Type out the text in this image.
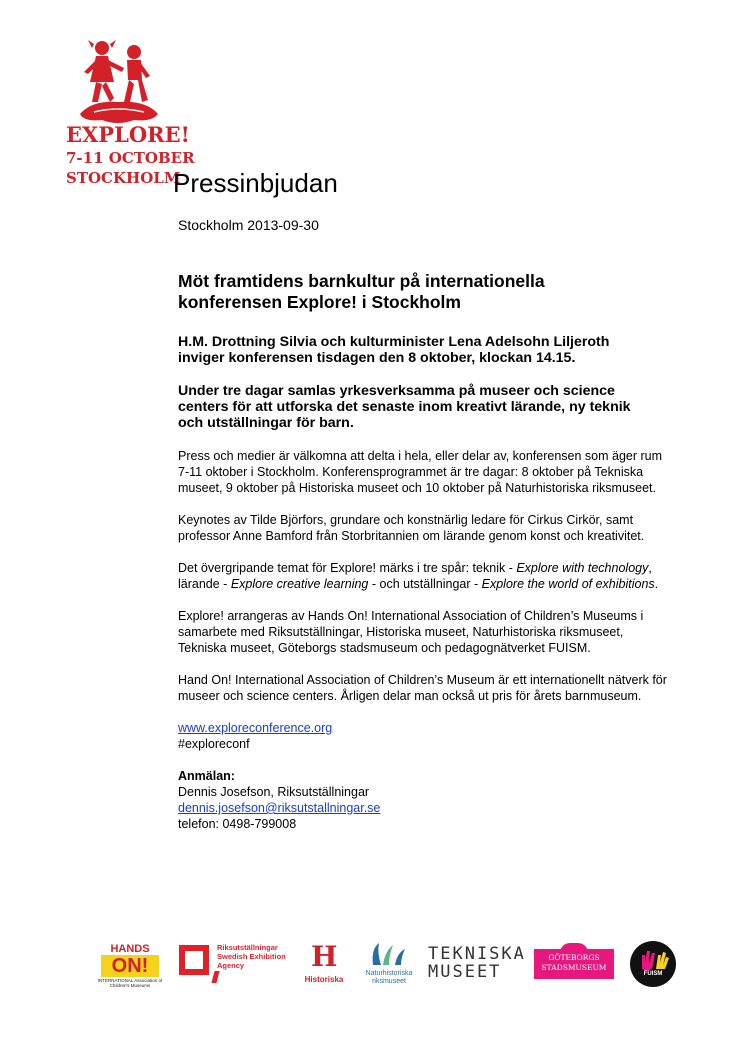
EXPLORE!
7-11 OCTOBER
STOCKHOLM
Pressinbjudan
Stockholm 2013-09-30
Möt framtidens barnkultur på internationella
konferensen Explore! i Stockholm
H.M. Drottning Silvia och kulturminister Lena Adelsohn Liljeroth
inviger konferensen tisdagen den 8 oktober, klockan 14.15.
Under tre dagar samlas yrkesverksamma på museer och science
centers för att utforska det senaste inom kreativt lärande, ny teknik
och utställningar för barn.
Press och medier är välkomna att delta i hela, eller delar av, konferensen som äger rum
7-11 oktober i Stockholm. Konferensprogrammet är tre dagar: 8 oktober på Tekniska
museet, 9 oktober på Historiska museet och 10 oktober på Naturhistoriska riksmuseet.
Keynotes av Tilde Björfors, grundare och konstnärlig ledare för Cirkus Cirkör, samt
professor Anne Bamford från Storbritannien om lärande genom konst och kreativitet.
Det övergripande temat för Explore! märks i tre spår: teknik - Explore with technology,
lärande - Explore creative learning - och utställningar - Explore the world of exhibitions.
Explore! arrangeras av Hands On! International Association of Children’s Museums i
samarbete med Riksutställningar, Historiska museet, Naturhistoriska riksmuseet,
Tekniska museet, Göteborgs stadsmuseum och pedagognätverket FUISM.
Hand On! International Association of Children’s Museum är ett internationellt nätverk för
museer och science centers. Årligen delar man också ut pris för årets barnmuseum.
www.exploreconference.org
#exploreconf
Anmälan:
Dennis Josefson, Riksutställningar
dennis.josefson@riksutstallningar.se
telefon: 0498-799008
HANDS
ON!
INTERNATIONAL Association of Children's Museums
Riksutställningar
Swedish Exhibition
Agency	H
Historiska
Naturhistoriska
riksmuseet
TEKNISKA
MUSEET
GÖTEBORGS
STADSMUSEUM
FUISM
